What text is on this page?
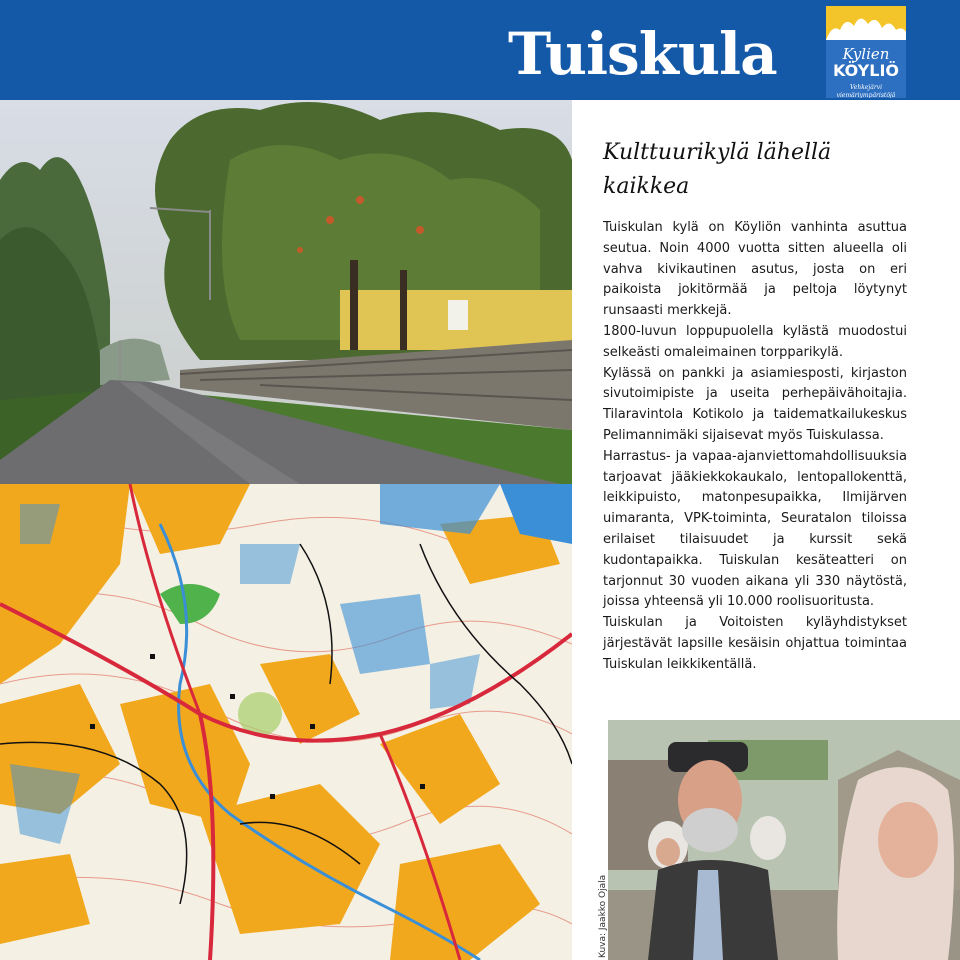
Tuiskula	Kylien
KÖYLIÖ
Vehkejärvi viemäriympäristöjä
Kulttuurikylä lähellä kaikkea

Tuiskulan kylä on Köyliön vanhinta asuttua seutua. Noin 4000 vuotta sitten alueella oli vahva kivikautinen asutus, josta on eri paikoista jokitörmää ja peltoja löytynyt runsaasti merkkejä.

1800-luvun loppupuolella kylästä muodostui selkeästi omaleimainen torpparikylä.

Kylässä on pankki ja asiamiesposti, kirjaston sivutoimipiste ja useita perhepäivähoitajia. Tilaravintola Kotikolo ja taidematkailukeskus Pelimannimäki sijaisevat myös Tuiskulassa.

Harrastus- ja vapaa-ajanviettomahdollisuuksia tarjoavat jääkiekkokaukalo, lentopallokenttä, leikkipuisto, matonpesupaikka, Ilmijärven uimaranta, VPK-toiminta, Seuratalon tiloissa erilaiset tilaisuudet ja kurssit sekä kudontapaikka. Tuiskulan kesäteatteri on tarjonnut 30 vuoden aikana yli 330 näytöstä, joissa yhteensä yli 10.000 roolisuoritusta.

Tuiskulan ja Voitoisten kyläyhdistykset järjestävät lapsille kesäisin ohjattua toimintaa Tuiskulan leikkikentällä.

Kuva: Jaakko Ojala
